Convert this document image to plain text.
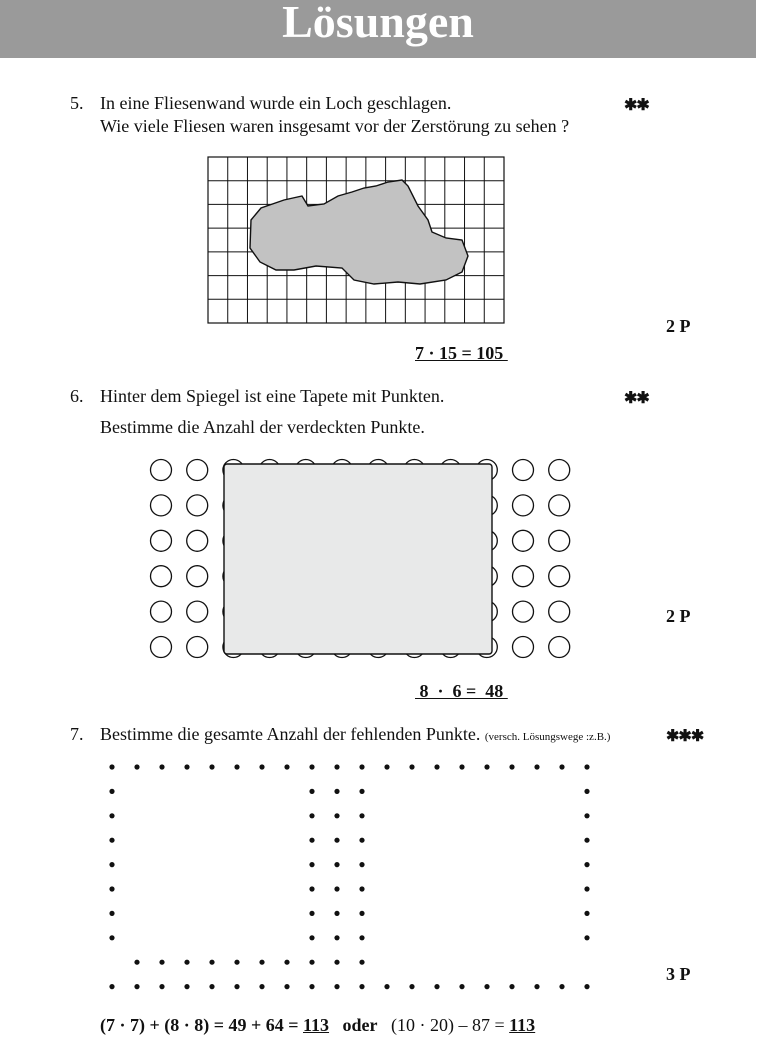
Lösungen
5. In eine Fliesenwand wurde ein Loch geschlagen.
Wie viele Fliesen waren insgesamt vor der Zerstörung zu sehen ?
✱✱
2 P
7 · 15 = 105
6. Hinter dem Spiegel ist eine Tapete mit Punkten.
Bestimme die Anzahl der verdeckten Punkte.
✱✱
2 P
8  ·  6 =  48
7. Bestimme die gesamte Anzahl der fehlenden Punkte. (versch. Lösungswege :z.B.)	✱✱✱
3 P
(7 · 7) + (8 · 8) = 49 + 64 = 113 oder (10 · 20) – 87 = 113
